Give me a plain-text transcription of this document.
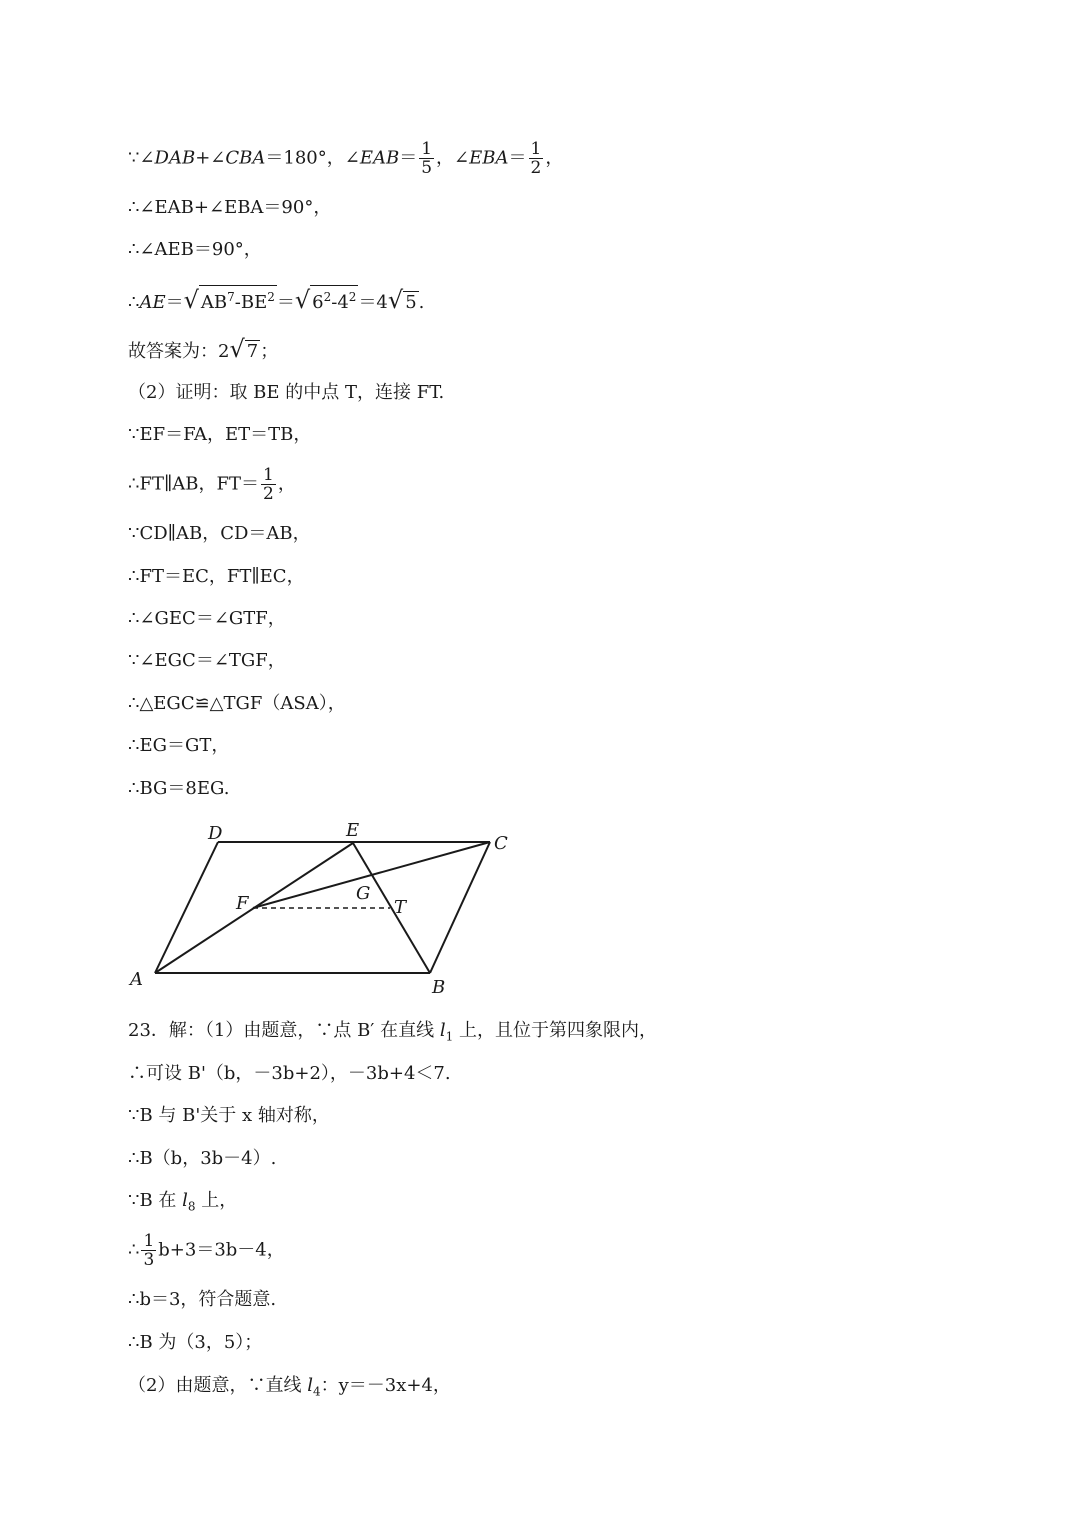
∵∠DAB+∠CBA＝180°，∠EAB＝ $\frac{1}{5}$ ，∠EBA＝ $\frac{1}{2}$ ，
∴∠EAB+∠EBA＝90°，
∴∠AEB＝90°，
∴AE＝√ $AB^7-BE^2$ ＝√ $6^2-4^2 =4√$ 5 .
故答案为：2√ 7 ；
（2）证明：取 BE 的中点 T，连接 FT.
∵EF＝FA，ET＝TB，
∴FT∥AB，$FT= \frac{1}{2}$ ，
∵CD∥AB，CD＝AB，
∴FT＝EC，FT∥EC，
∴∠GEC＝∠GTF，
∵∠EGC＝∠TGF，
∴△EGC≌△TGF（ASA），
∴EG＝GT，
∴BG＝8EG.
D	E
C
F	G
T
A	B
23．解：（1）由题意，∵点 B′ 在直线 $l_1$ 上，且位于第四象限内，
∴可设 B'（b，－3b+2），－3b+4＜7.
∵B 与 B'关于 x 轴对称，
∴B（b，3b－4）.
∵B 在 $l_8$ 上，
∴ $\frac{1}{3} b+3=3b-4$，
∴b＝3，符合题意.
∴B 为（3，5）；
（2）由题意，∵直线 $l_4$：y＝－3x+4，
